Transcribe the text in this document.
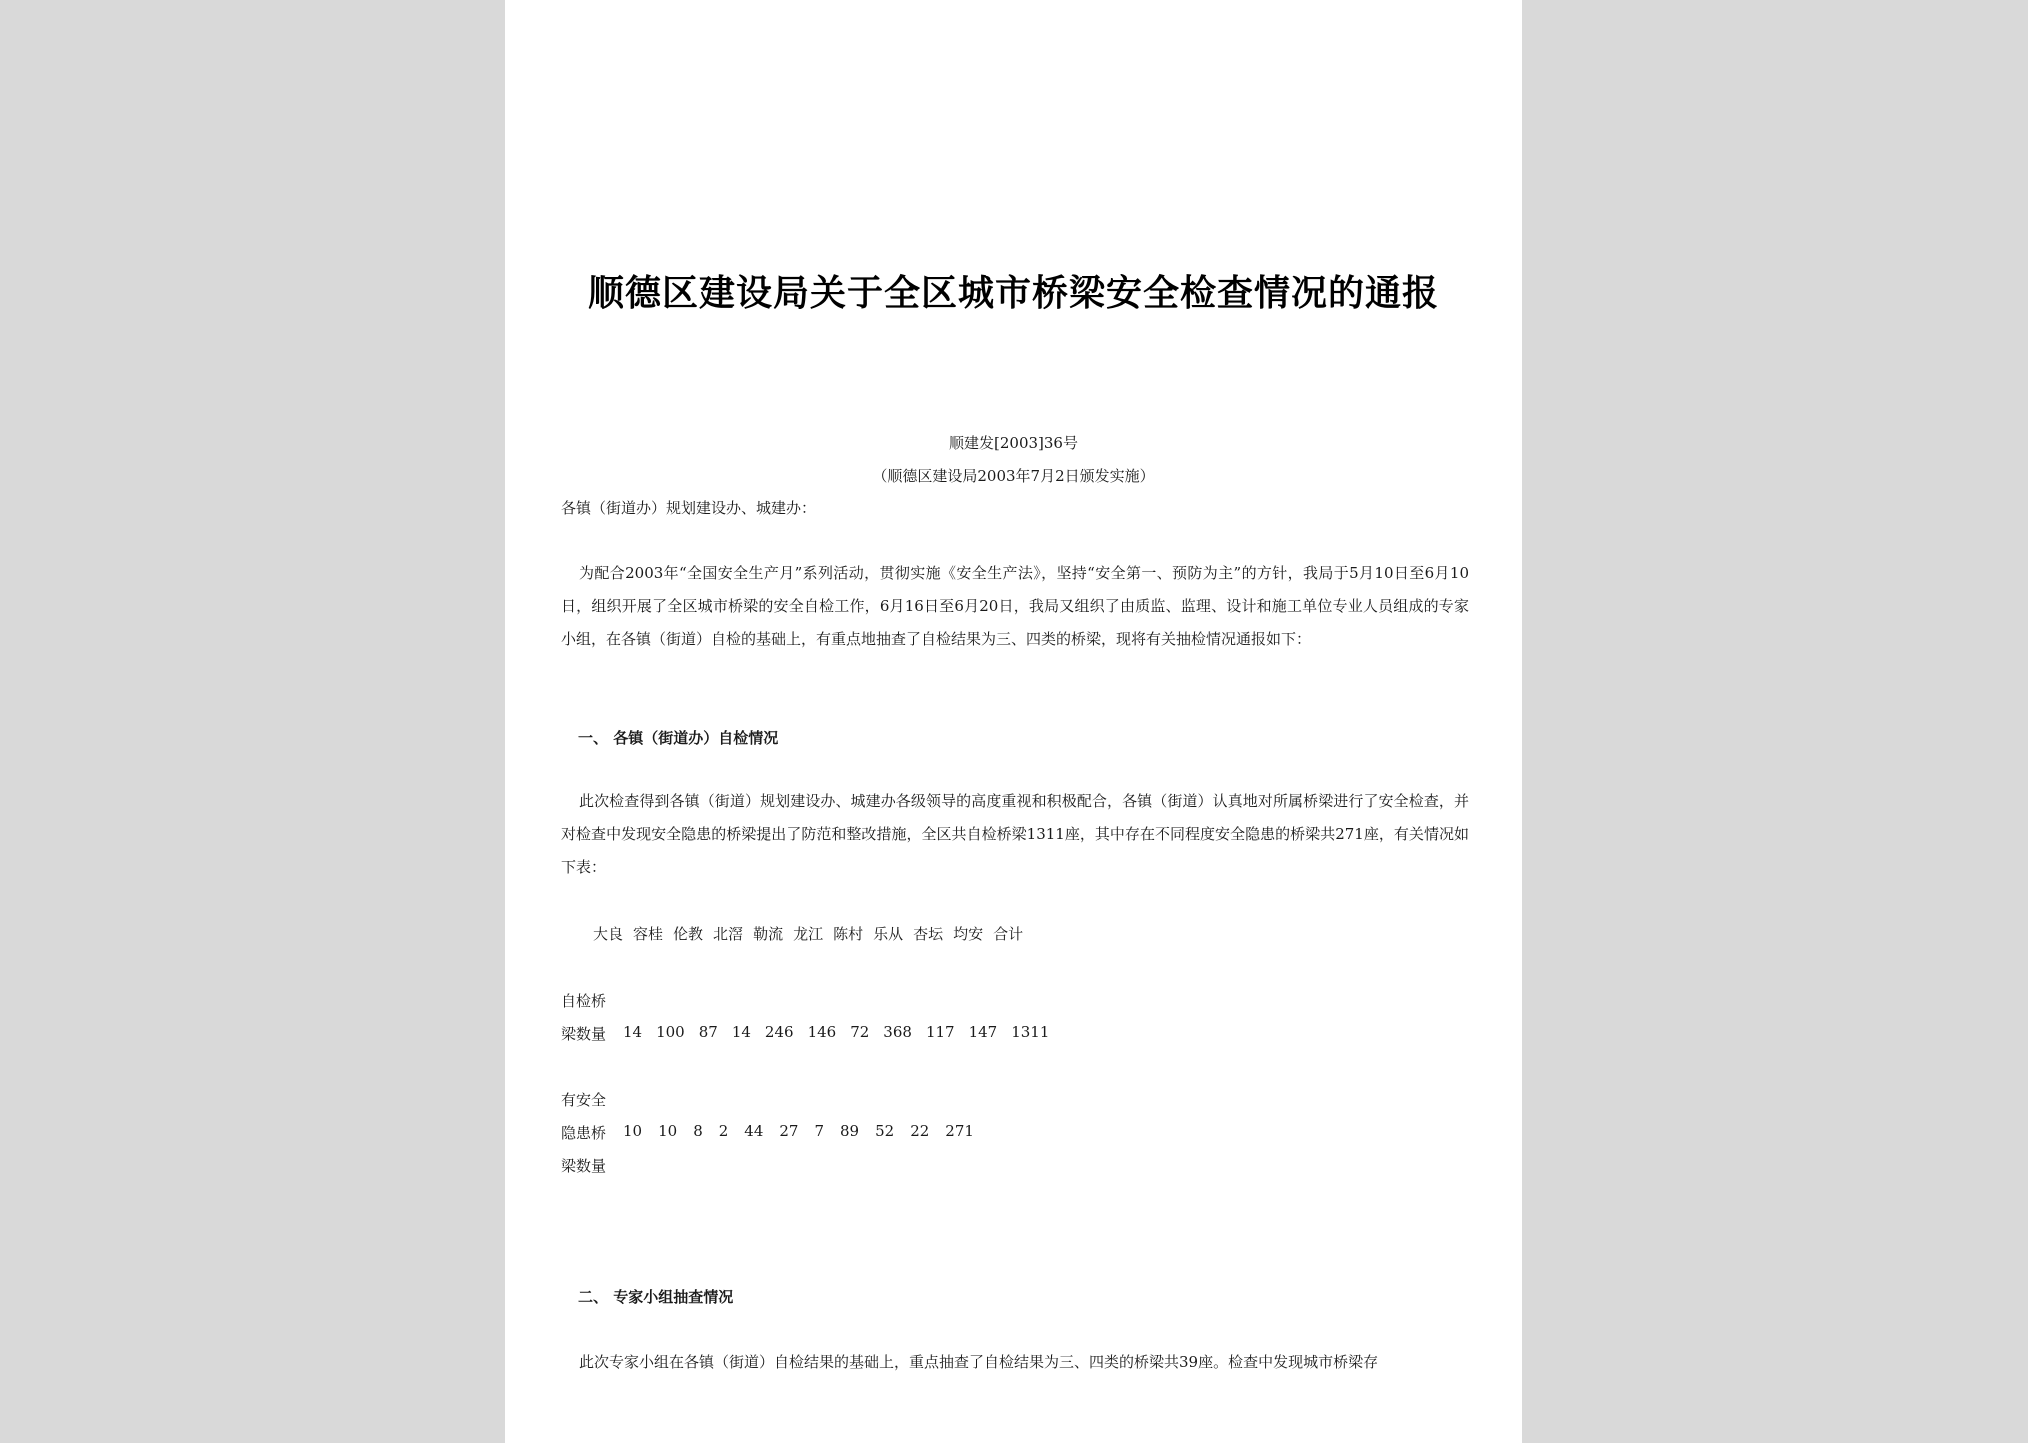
顺德区建设局关于全区城市桥梁安全检查情况的通报
顺建发[2003]36号
（顺德区建设局2003年7月2日颁发实施）
各镇（街道办）规划建设办、城建办：

为配合2003年“全国安全生产月”系列活动，贯彻实施《安全生产法》，坚持“安全第一、预防为主”的方针，我局于5月10日至6月10日，组织开展了全区城市桥梁的安全自检工作，6月16日至6月20日，我局又组织了由质监、监理、设计和施工单位专业人员组成的专家小组，在各镇（街道）自检的基础上，有重点地抽查了自检结果为三、四类的桥梁，现将有关抽检情况通报如下：

一、 各镇（街道办）自检情况

此次检查得到各镇（街道）规划建设办、城建办各级领导的高度重视和积极配合，各镇（街道）认真地对所属桥梁进行了安全检查，并对检查中发现安全隐患的桥梁提出了防范和整改措施，全区共自检桥梁1311座，其中存在不同程度安全隐患的桥梁共271座，有关情况如下表：

大良 容桂 伦教 北滘 勒流 龙江 陈村 乐从 杏坛 均安 合计
自检桥
梁数量 14 100 87 14 246 146 72 368 117 147 1311
有安全
隐患桥
梁数量
10 10 8 2 44 27 7 89 52 22 271
二、 专家小组抽查情况

此次专家小组在各镇（街道）自检结果的基础上，重点抽查了自检结果为三、四类的桥梁共39座。检查中发现城市桥梁存
